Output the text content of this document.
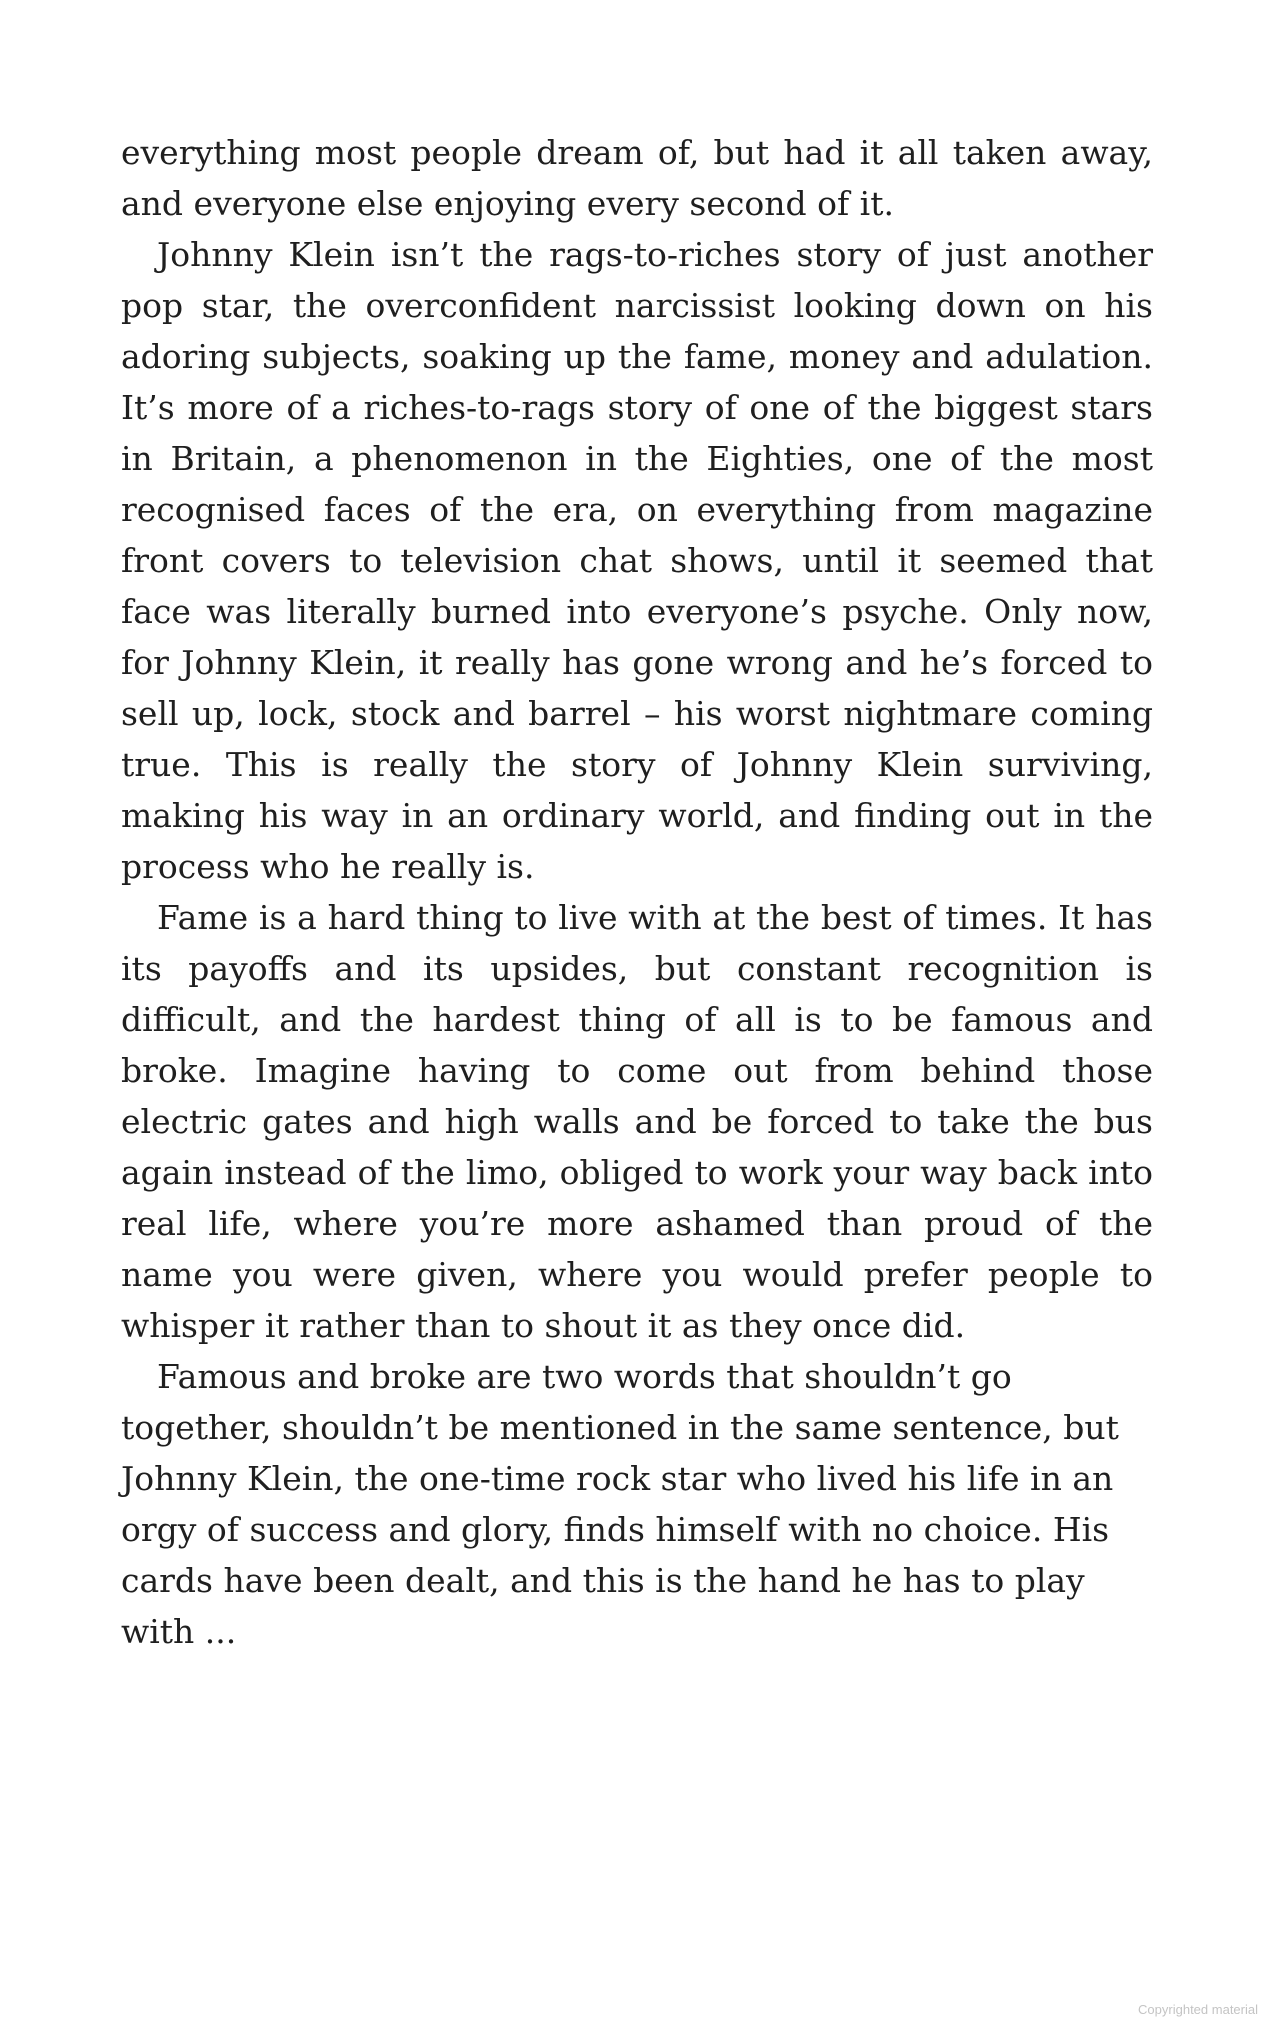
everything most people dream of, but had it all taken away, and everyone else enjoying every second of it.

Johnny Klein isn’t the rags-to-riches story of just another pop star, the overconfident narcissist looking down on his adoring subjects, soaking up the fame, money and adulation. It’s more of a riches-to-rags story of one of the biggest stars in Britain, a phenomenon in the Eighties, one of the most recognised faces of the era, on everything from magazine front covers to television chat shows, until it seemed that face was literally burned into everyone’s psyche. Only now, for Johnny Klein, it really has gone wrong and he’s forced to sell up, lock, stock and barrel – his worst nightmare coming true. This is really the story of Johnny Klein surviving, making his way in an ordinary world, and finding out in the process who he really is.

Fame is a hard thing to live with at the best of times. It has its payoffs and its upsides, but constant recognition is difficult, and the hardest thing of all is to be famous and broke. Imagine having to come out from behind those electric gates and high walls and be forced to take the bus again instead of the limo, obliged to work your way back into real life, where you’re more ashamed than proud of the name you were given, where you would prefer people to whisper it rather than to shout it as they once did.

Famous and broke are two words that shouldn’t go together, shouldn’t be mentioned in the same sentence, but Johnny Klein, the one-time rock star who lived his life in an orgy of success and glory, finds himself with no choice. His cards have been dealt, and this is the hand he has to play with ...

Copyrighted material
